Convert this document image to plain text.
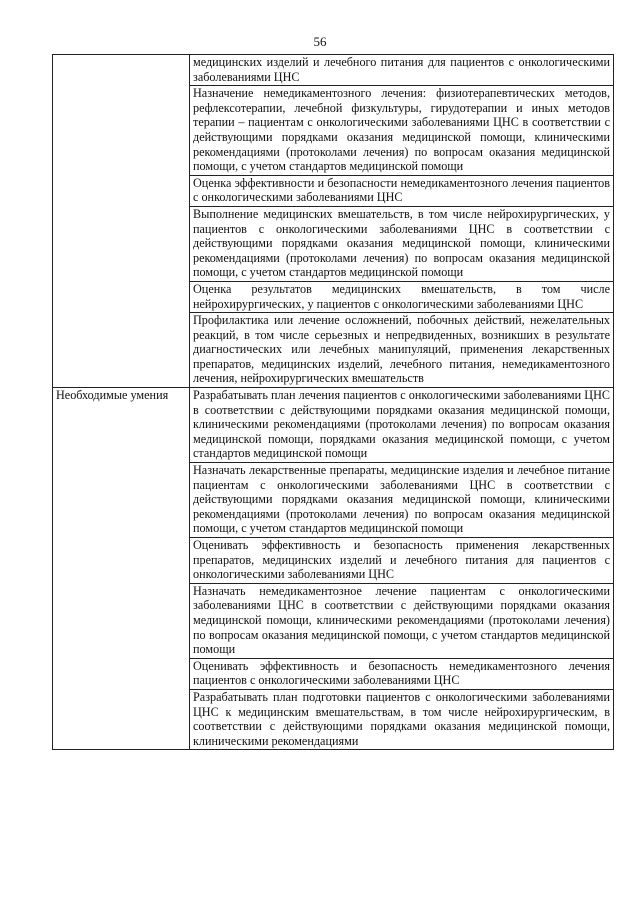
56
	медицинских изделий и лечебного питания для пациентов с онкологическими заболеваниями ЦНС
	Назначение немедикаментозного лечения: физиотерапевтических методов, рефлексотерапии, лечебной физкультуры, гирудотерапии и иных методов терапии – пациентам с онкологическими заболеваниями ЦНС в соответствии с действующими порядками оказания медицинской помощи, клиническими рекомендациями (протоколами лечения) по вопросам оказания медицинской помощи, с учетом стандартов медицинской помощи
	Оценка эффективности и безопасности немедикаментозного лечения пациентов с онкологическими заболеваниями ЦНС
	Выполнение медицинских вмешательств, в том числе нейрохирургических, у пациентов с онкологическими заболеваниями ЦНС в соответствии с действующими порядками оказания медицинской помощи, клиническими рекомендациями (протоколами лечения) по вопросам оказания медицинской помощи, с учетом стандартов медицинской помощи
	Оценка результатов медицинских вмешательств, в том числе нейрохирургических, у пациентов с онкологическими заболеваниями ЦНС
	Профилактика или лечение осложнений, побочных действий, нежелательных реакций, в том числе серьезных и непредвиденных, возникших в результате диагностических или лечебных манипуляций, применения лекарственных препаратов, медицинских изделий, лечебного питания, немедикаментозного лечения, нейрохирургических вмешательств
Необходимые умения	Разрабатывать план лечения пациентов с онкологическими заболеваниями ЦНС в соответствии с действующими порядками оказания медицинской помощи, клиническими рекомендациями (протоколами лечения) по вопросам оказания медицинской помощи, порядками оказания медицинской помощи, с учетом стандартов медицинской помощи
	Назначать лекарственные препараты, медицинские изделия и лечебное питание пациентам с онкологическими заболеваниями ЦНС в соответствии с действующими порядками оказания медицинской помощи, клиническими рекомендациями (протоколами лечения) по вопросам оказания медицинской помощи, с учетом стандартов медицинской помощи
	Оценивать эффективность и безопасность применения лекарственных препаратов, медицинских изделий и лечебного питания для пациентов с онкологическими заболеваниями ЦНС
	Назначать немедикаментозное лечение пациентам с онкологическими заболеваниями ЦНС в соответствии с действующими порядками оказания медицинской помощи, клиническими рекомендациями (протоколами лечения) по вопросам оказания медицинской помощи, с учетом стандартов медицинской помощи
	Оценивать эффективность и безопасность немедикаментозного лечения пациентов с онкологическими заболеваниями ЦНС
	Разрабатывать план подготовки пациентов с онкологическими заболеваниями ЦНС к медицинским вмешательствам, в том числе нейрохирургическим, в соответствии с действующими порядками оказания медицинской помощи, клиническими рекомендациями
